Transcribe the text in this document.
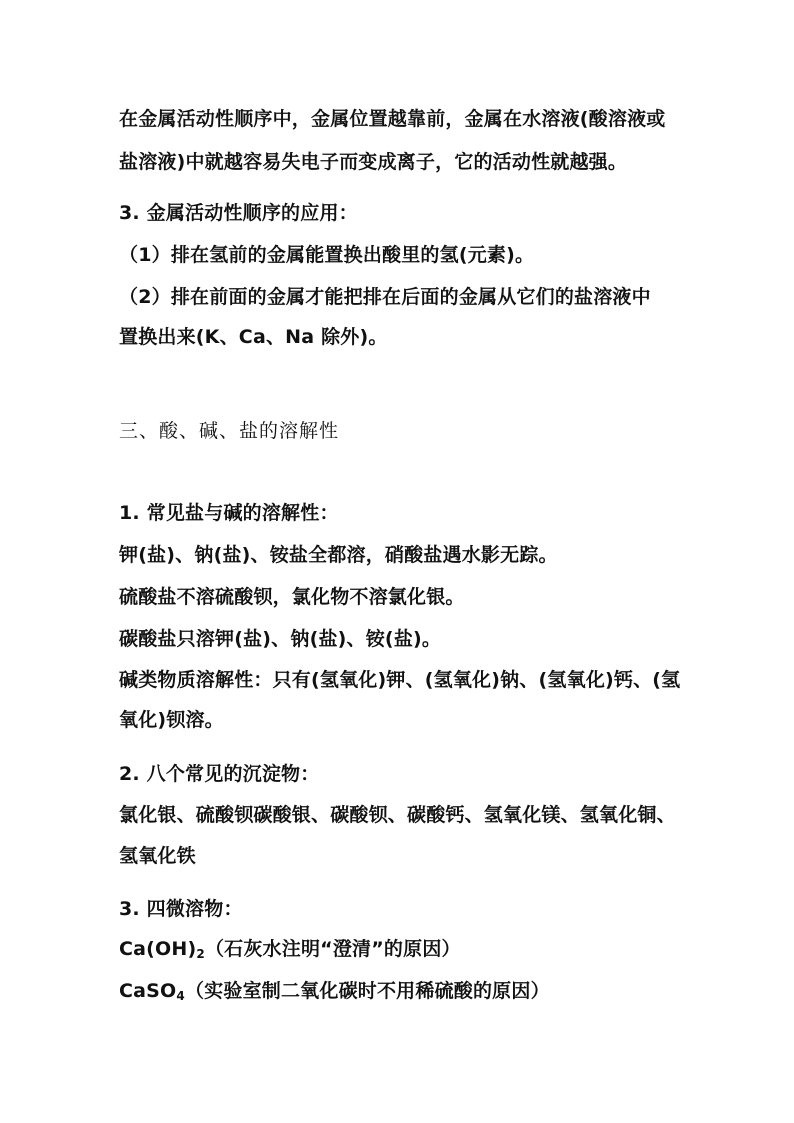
在金属活动性顺序中，金属位置越靠前，金属在水溶液(酸溶液或
盐溶液)中就越容易失电子而变成离子，它的活动性就越强。
3. 金属活动性顺序的应用：
（1）排在氢前的金属能置换出酸里的氢(元素)。
（2）排在前面的金属才能把排在后面的金属从它们的盐溶液中
置换出来(K、Ca、Na 除外)。
三、酸、碱、盐的溶解性
1. 常见盐与碱的溶解性：
钾(盐)、钠(盐)、铵盐全都溶，硝酸盐遇水影无踪。
硫酸盐不溶硫酸钡，氯化物不溶氯化银。
碳酸盐只溶钾(盐)、钠(盐)、铵(盐)。
碱类物质溶解性：只有(氢氧化)钾、(氢氧化)钠、(氢氧化)钙、(氢
氧化)钡溶。
2. 八个常见的沉淀物：
氯化银、硫酸钡碳酸银、碳酸钡、碳酸钙、氢氧化镁、氢氧化铜、
氢氧化铁
3. 四微溶物：
$Ca(OH)_2$（石灰水注明“澄清”的原因）
CaSO$_4$（实验室制二氧化碳时不用稀硫酸的原因）
